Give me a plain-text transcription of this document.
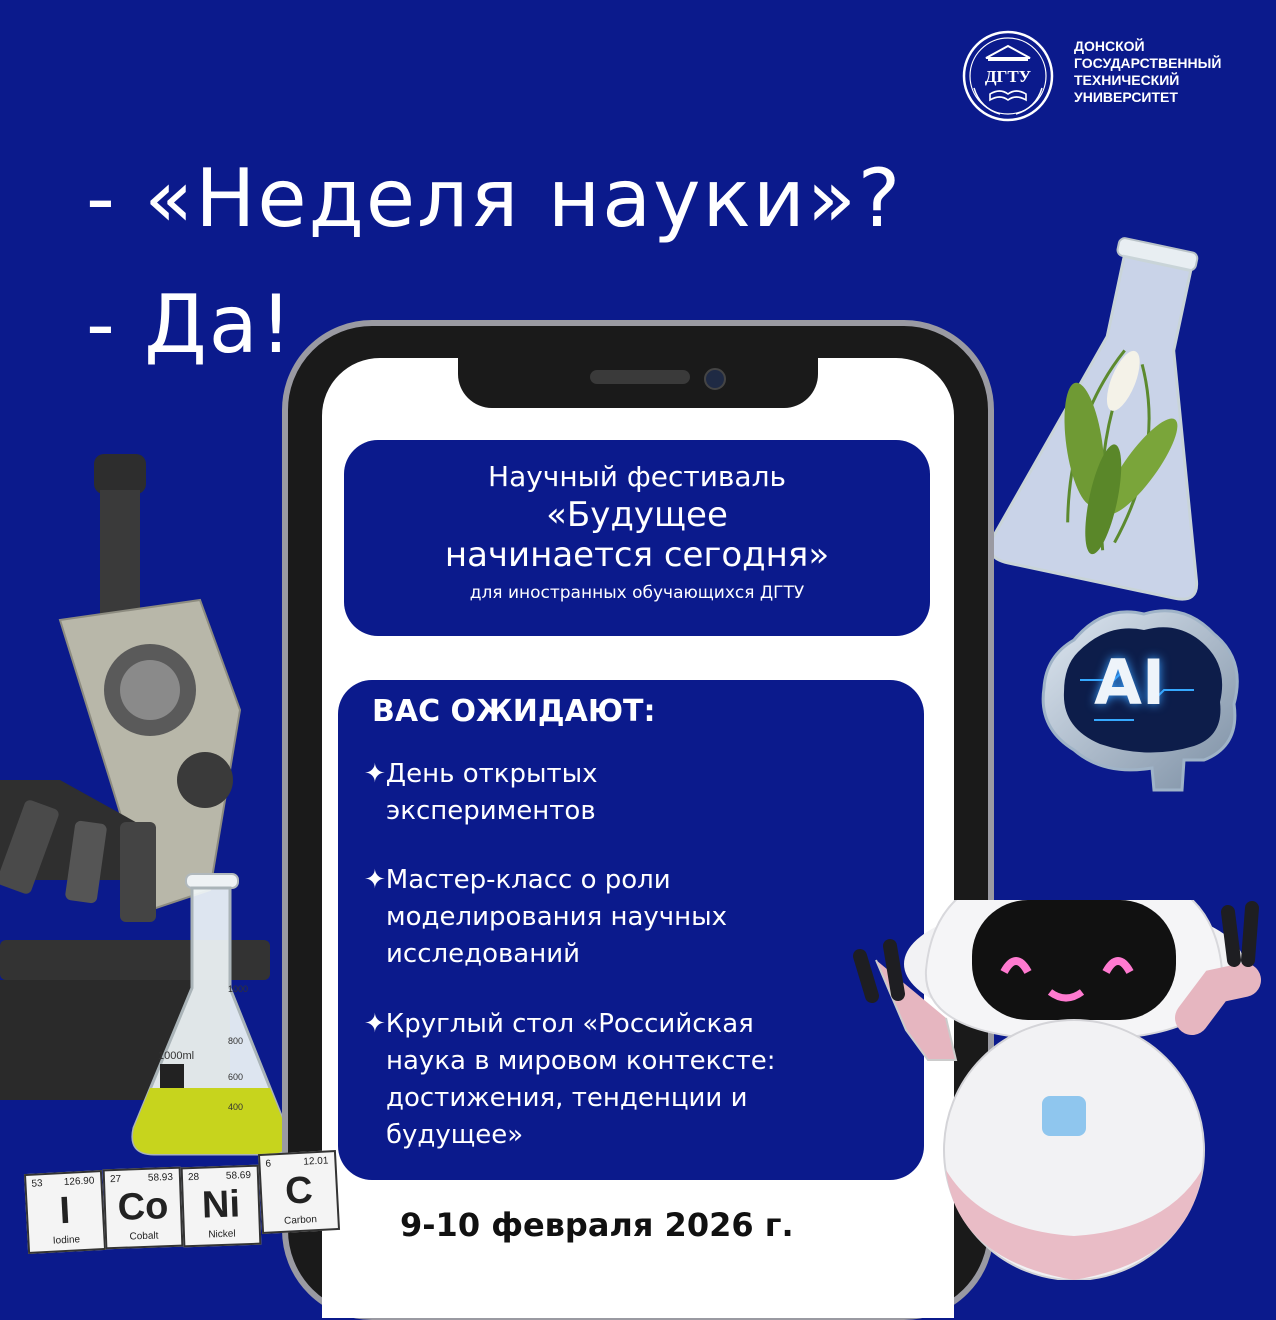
ДГТУ
ДОНСКОЙ
ГОСУДАРСТВЕННЫЙ
ТЕХНИЧЕСКИЙ
УНИВЕРСИТЕТ
- «Неделя науки»?
- Да!
AI
1000ml
1000
800
600
400
Научный фестиваль
«Будущее
начинается сегодня»
для иностранных обучающихся ДГТУ
ВАС ОЖИДАЮТ:
✦День открытых
экспериментов
✦Мастер-класс о роли
моделирования научных
исследований
✦Круглый стол «Российская
наука в мировом контексте:
достижения, тенденции и
будущее»
9-10 февраля 2026 г.
53 126.90
I
Iodine
27	58.93
Co
Cobalt
28	58.69
Ni
Nickel
6	12.01
C
Carbon
